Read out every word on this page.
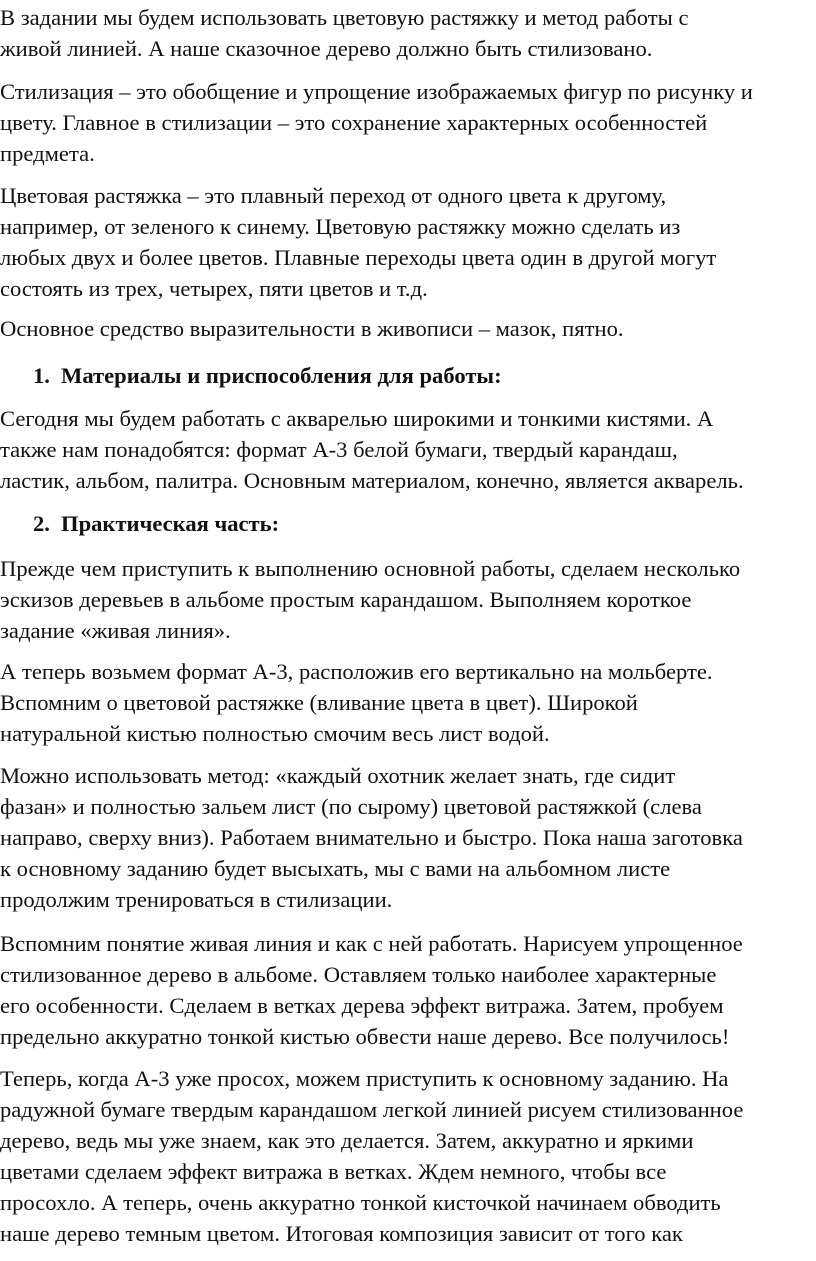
В задании мы будем использовать цветовую растяжку и метод работы с
живой линией. А наше сказочное дерево должно быть стилизовано.
Стилизация – это обобщение и упрощение изображаемых фигур по рисунку и
цвету. Главное в стилизации – это сохранение характерных особенностей
предмета.
Цветовая растяжка – это плавный переход от одного цвета к другому,
например, от зеленого к синему. Цветовую растяжку можно сделать из
любых двух и более цветов. Плавные переходы цвета один в другой могут
состоять из трех, четырех, пяти цветов и т.д.
Основное средство выразительности в живописи – мазок, пятно.
1. Материалы и приспособления для работы:
Сегодня мы будем работать с акварелью широкими и тонкими кистями. А
также нам понадобятся: формат А-3 белой бумаги, твердый карандаш,
ластик, альбом, палитра. Основным материалом, конечно, является акварель.
2. Практическая часть:
Прежде чем приступить к выполнению основной работы, сделаем несколько
эскизов деревьев в альбоме простым карандашом. Выполняем короткое
задание «живая линия».
А теперь возьмем формат А-3, расположив его вертикально на мольберте.
Вспомним о цветовой растяжке (вливание цвета в цвет). Широкой
натуральной кистью полностью смочим весь лист водой.
Можно использовать метод: «каждый охотник желает знать, где сидит
фазан» и полностью зальем лист (по сырому) цветовой растяжкой (слева
направо, сверху вниз). Работаем внимательно и быстро. Пока наша заготовка
к основному заданию будет высыхать, мы с вами на альбомном листе
продолжим тренироваться в стилизации.
Вспомним понятие живая линия и как с ней работать. Нарисуем упрощенное
стилизованное дерево в альбоме. Оставляем только наиболее характерные
его особенности. Сделаем в ветках дерева эффект витража. Затем, пробуем
предельно аккуратно тонкой кистью обвести наше дерево. Все получилось!
Теперь, когда А-3 уже просох, можем приступить к основному заданию. На
радужной бумаге твердым карандашом легкой линией рисуем стилизованное
дерево, ведь мы уже знаем, как это делается. Затем, аккуратно и яркими
цветами сделаем эффект витража в ветках. Ждем немного, чтобы все
просохло. А теперь, очень аккуратно тонкой кисточкой начинаем обводить
наше дерево темным цветом. Итоговая композиция зависит от того как
